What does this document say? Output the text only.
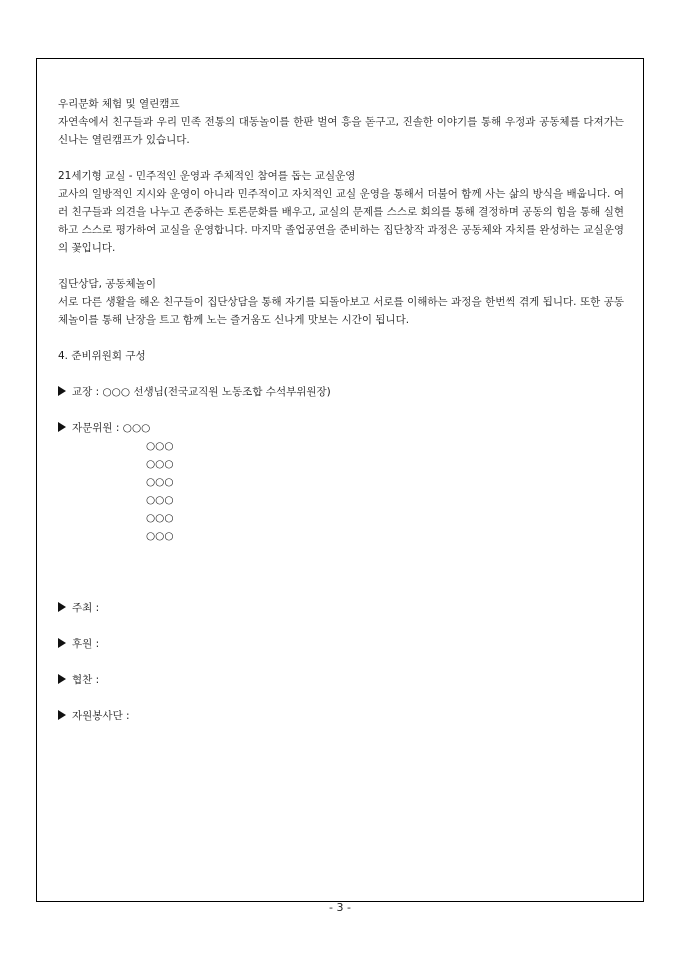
우리문화 체험 및 열린캠프

자연속에서 친구들과 우리 민족 전통의 대동놀이를 한판 벌여 흥을 돋구고, 진솔한 이야기를 통해 우정과 공동체를 다져가는 신나는 열린캠프가 있습니다.

21세기형 교실 - 민주적인 운영과 주체적인 참여를 돕는 교실운영

교사의 일방적인 지시와 운영이 아니라 민주적이고 자치적인 교실 운영을 통해서 더불어 함께 사는 삶의 방식을 배웁니다. 여러 친구들과 의견을 나누고 존중하는 토론문화를 배우고, 교실의 문제를 스스로 회의를 통해 결정하며 공동의 힘을 통해 실현하고 스스로 평가하여 교실을 운영합니다. 마지막 졸업공연을 준비하는 집단창작 과정은 공동체와 자치를 완성하는 교실운영의 꽃입니다.

집단상담, 공동체놀이

서로 다른 생활을 해온 친구들이 집단상담을 통해 자기를 되돌아보고 서로를 이해하는 과정을 한번씩 겪게 됩니다. 또한 공동체놀이를 통해 난장을 트고 함께 노는 즐거움도 신나게 맛보는 시간이 됩니다.

4. 준비위원회 구성

교장 : ○○○ 선생님(전국교직원 노동조합 수석부위원장)

자문위원 : ○○○
○○○
○○○
○○○
○○○
○○○
○○○

주최 :

후원 :

협찬 :

자원봉사단 :

- 3 -
